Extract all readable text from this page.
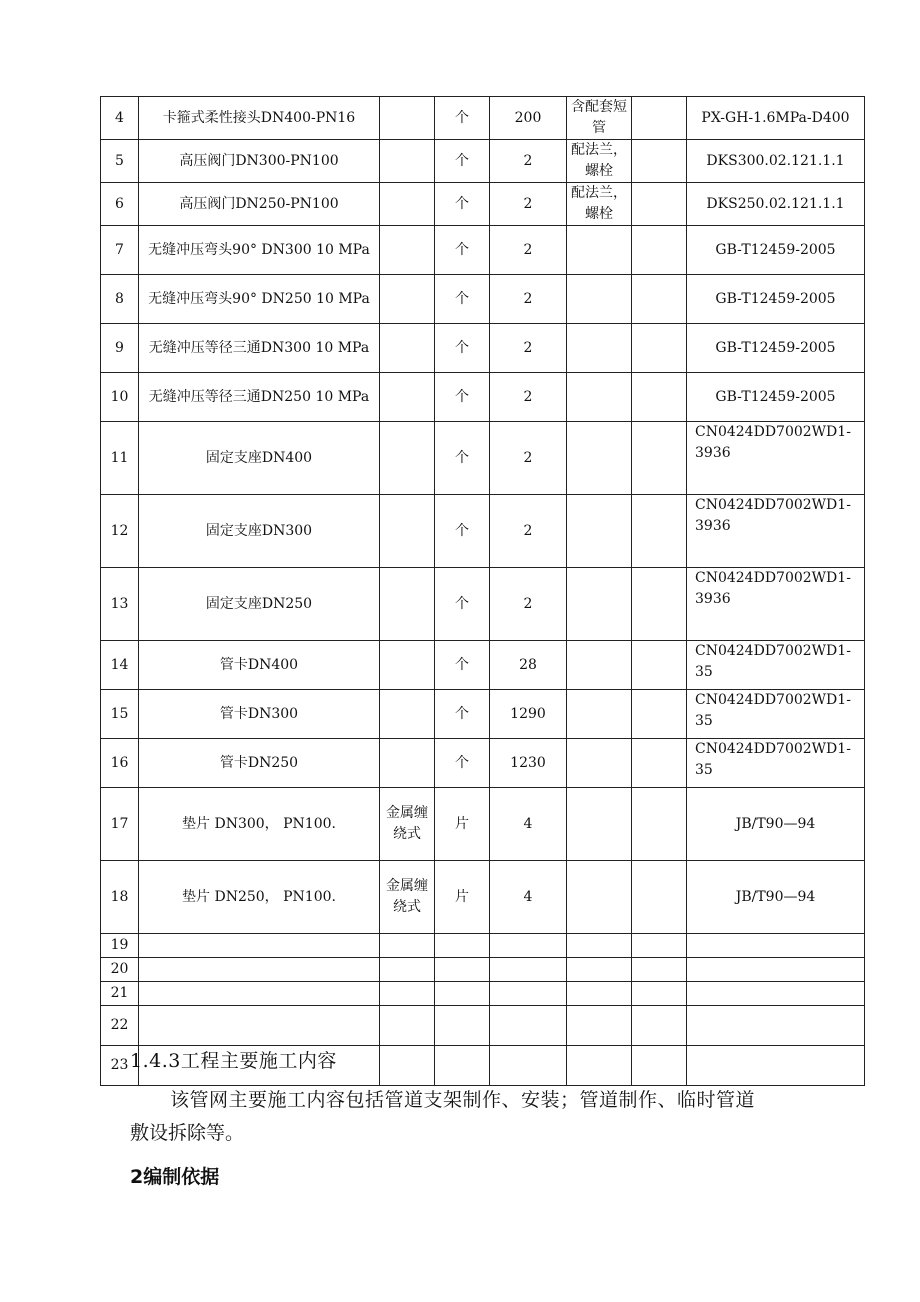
4	卡箍式柔性接头DN400-PN16		个	200	含配套短管		PX-GH-1.6MPa-D400
5	高压阀门DN300-PN100		个	2	配法兰，螺栓		DKS300.02.121.1.1
6	高压阀门DN250-PN100		个	2	配法兰，螺栓		DKS250.02.121.1.1
7	无缝冲压弯头90° DN300 10 MPa		个	2			GB-T12459-2005
8	无缝冲压弯头90° DN250 10 MPa		个	2			GB-T12459-2005
9	无缝冲压等径三通DN300 10 MPa		个	2			GB-T12459-2005
10	无缝冲压等径三通DN250 10 MPa		个	2			GB-T12459-2005
11	固定支座DN400		个	2			CN0424DD7002WD1-3936
12	固定支座DN300		个	2			CN0424DD7002WD1-3936
13	固定支座DN250		个	2			CN0424DD7002WD1-3936
14	管卡DN400		个	28			CN0424DD7002WD1-35
15	管卡DN300		个	1290			CN0424DD7002WD1-35
16	管卡DN250		个	1230			CN0424DD7002WD1-35
17	垫片 DN300， PN100.	金属缠绕式	片	4			JB/T90—94
18	垫片 DN250， PN100.	金属缠绕式	片	4			JB/T90—94
19							
20							
21							
22							
23							1.4.3工程主要施工内容
该管网主要施工内容包括管道支架制作、安装；管道制作、临时管道
敷设拆除等。
2编制依据
